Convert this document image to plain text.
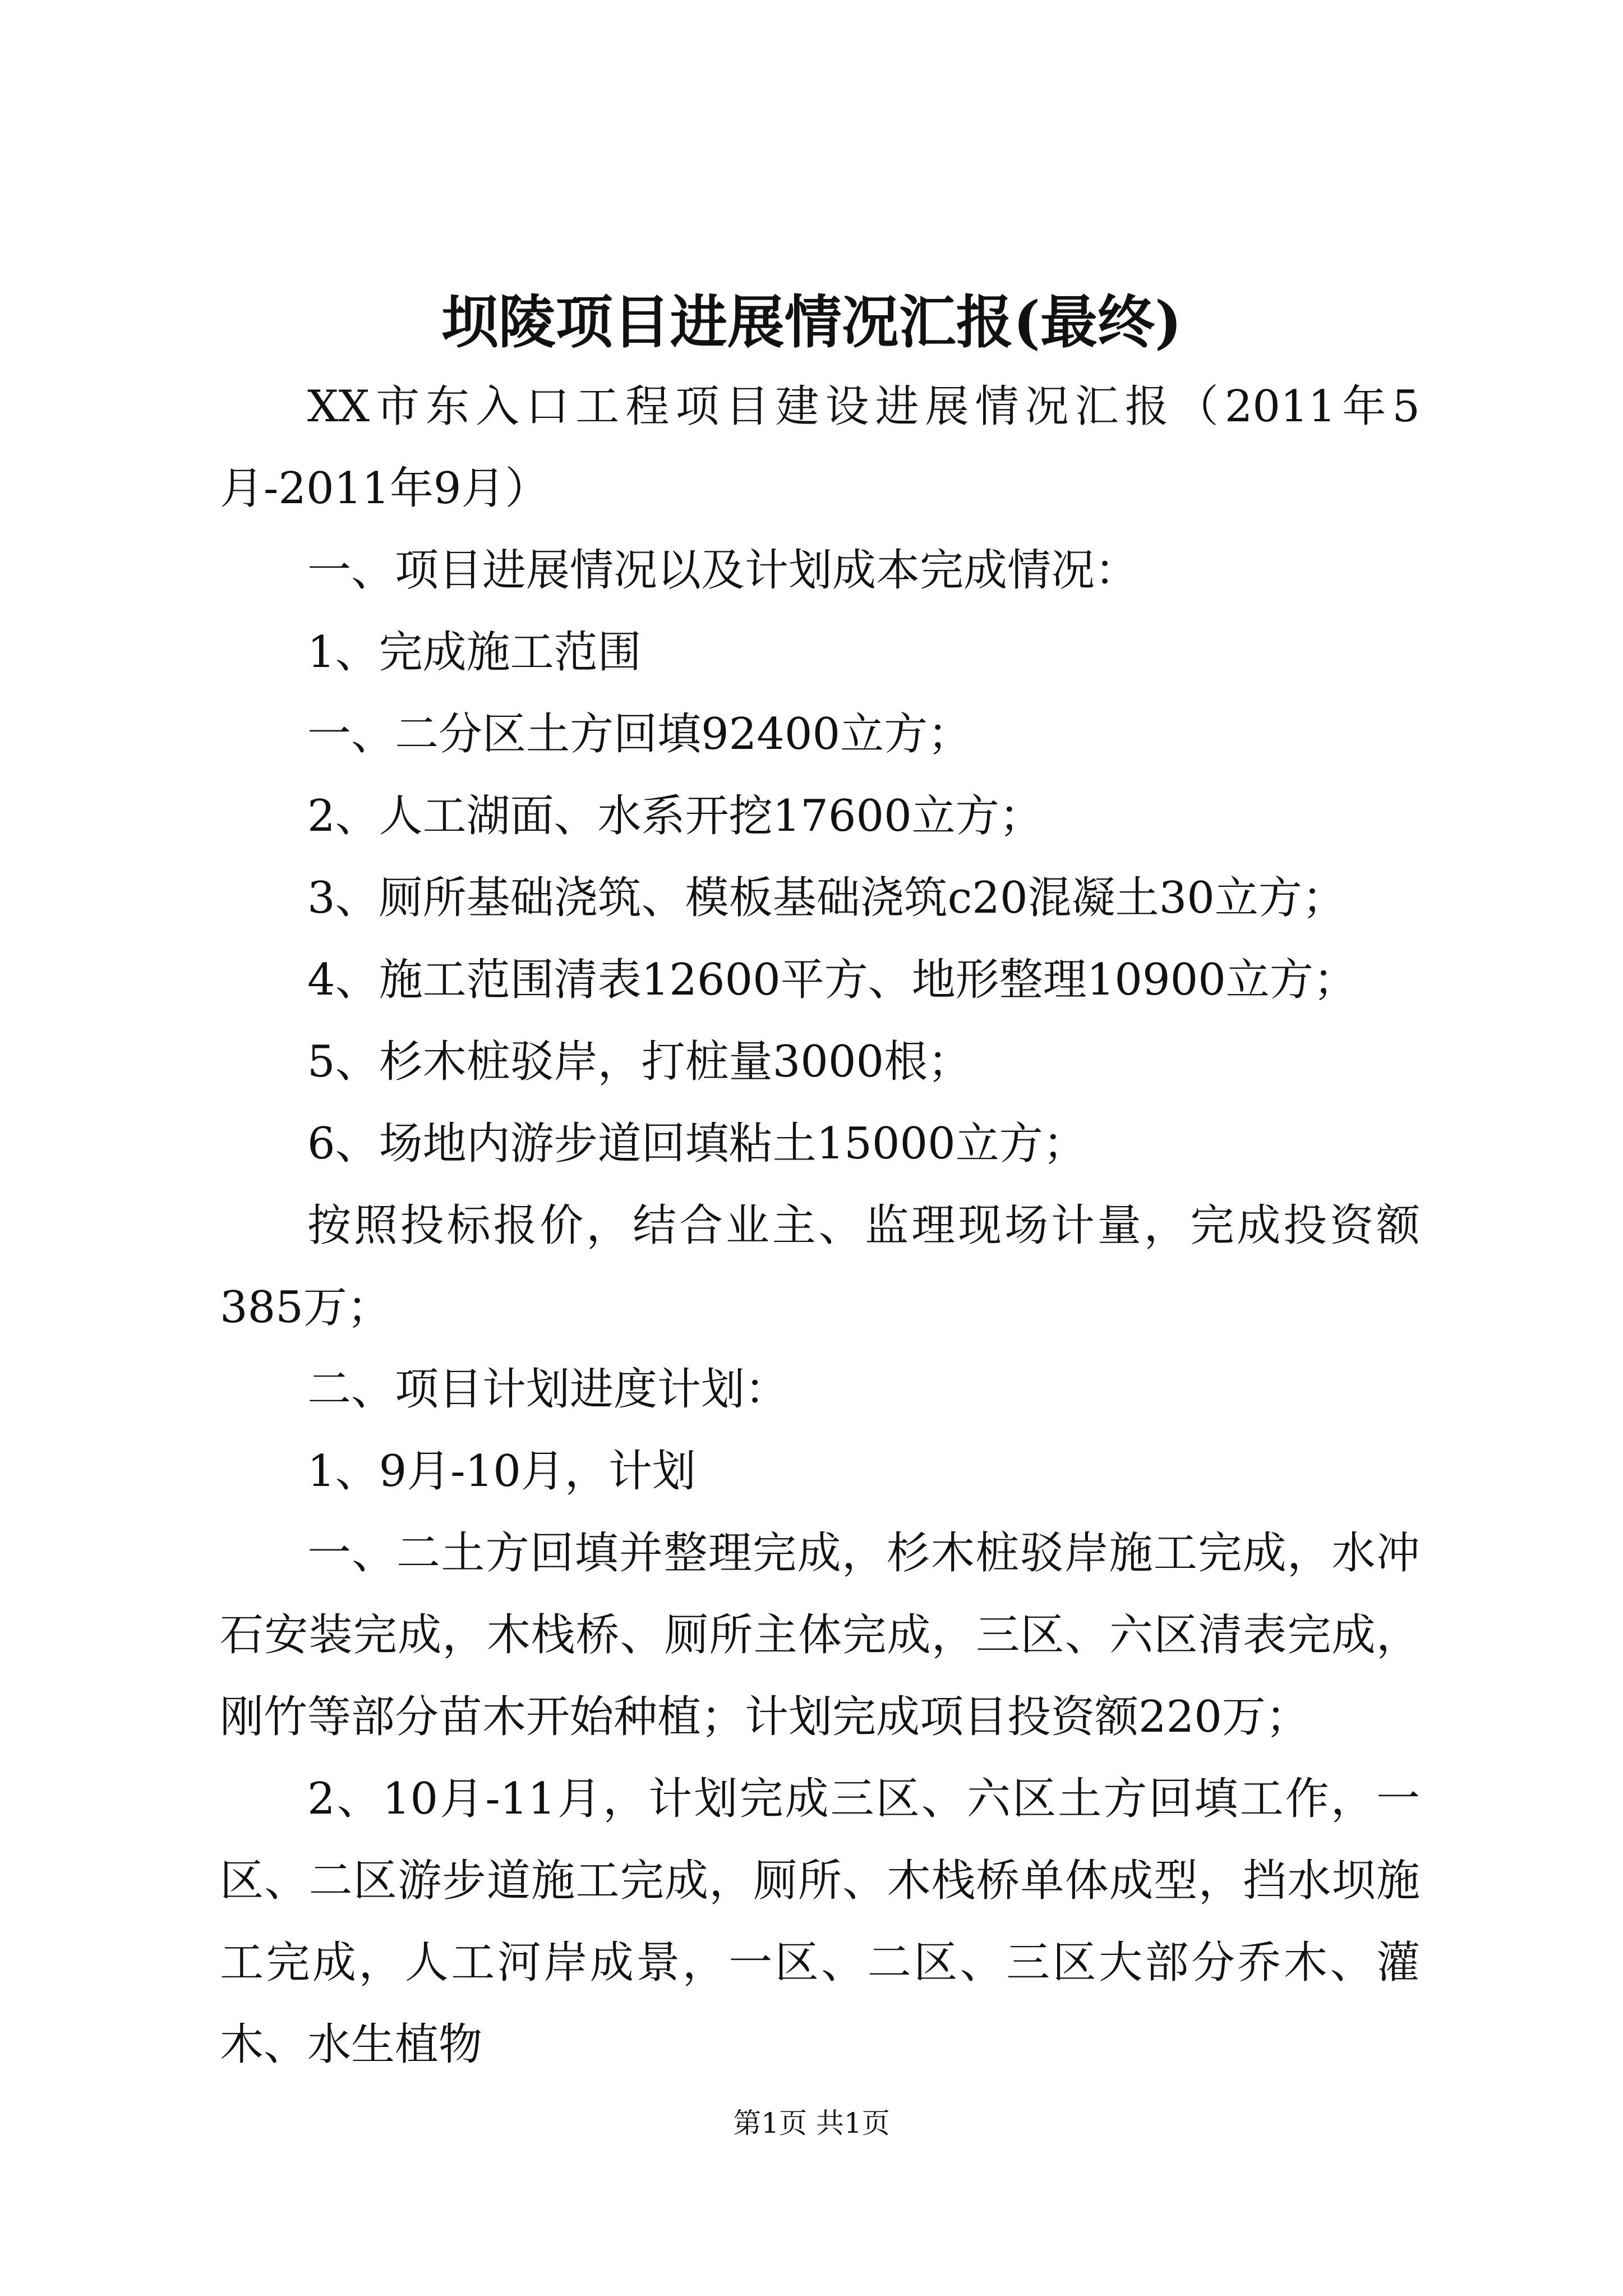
坝陵项目进展情况汇报(最终)

XX市东入口工程项目建设进展情况汇报（2011年5月-2011年9月）

一、项目进展情况以及计划成本完成情况：

1、完成施工范围

一、二分区土方回填92400立方；

2、人工湖面、水系开挖17600立方；

3、厕所基础浇筑、模板基础浇筑c20混凝土30立方；

4、施工范围清表12600平方、地形整理10900立方；

5、杉木桩驳岸，打桩量3000根；

6、场地内游步道回填粘土15000立方；

按照投标报价，结合业主、监理现场计量，完成投资额385万；

二、项目计划进度计划：

1、9月-10月，计划

一、二土方回填并整理完成，杉木桩驳岸施工完成，水冲石安装完成，木栈桥、厕所主体完成，三区、六区清表完成，刚竹等部分苗木开始种植；计划完成项目投资额220万；

2、10月-11月，计划完成三区、六区土方回填工作，一区、二区游步道施工完成，厕所、木栈桥单体成型，挡水坝施工完成，人工河岸成景，一区、二区、三区大部分乔木、灌木、水生植物

第1页 共1页
